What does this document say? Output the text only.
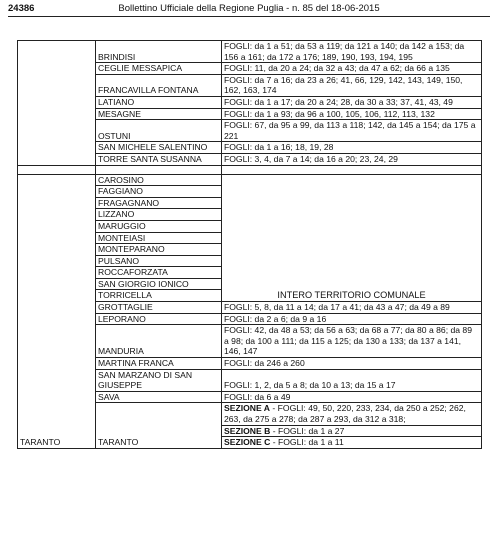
24386	Bollettino Ufficiale della Regione Puglia - n. 85 del 18-06-2015
	BRINDISI	FOGLI: da 1 a 51; da 53 a 119; da 121 a 140; da 142 a 153; da 156 a 161; da 172 a 176; 189, 190, 193, 194, 195
	CEGLIE MESSAPICA	FOGLI: 11, da 20 a 24; da 32 a 43; da 47 a 62; da 66 a 135
	FRANCAVILLA FONTANA	FOGLI: da 7 a 16; da 23 a 26; 41, 66, 129, 142, 143, 149, 150, 162, 163, 174
	LATIANO	FOGLI: da 1 a 17; da 20 a 24; 28, da 30 a 33; 37, 41, 43, 49
	MESAGNE	FOGLI: da 1 a 93; da 96 a 100, 105, 106, 112, 113, 132
	OSTUNI	FOGLI: 67, da 95 a 99, da 113 a 118; 142, da 145 a 154; da 175 a 221
	SAN MICHELE SALENTINO	FOGLI: da 1 a 16; 18, 19, 28
	TORRE SANTA SUSANNA	FOGLI: 3, 4, da 7 a 14; da 16 a 20; 23, 24, 29

TARANTO	CAROSINO	INTERO TERRITORIO COMUNALE
	FAGGIANO	
	FRAGAGNANO	
	LIZZANO	
	MARUGGIO	
	MONTEIASI	
	MONTEPARANO	
	PULSANO	
	ROCCAFORZATA	
	SAN GIORGIO IONICO	
	TORRICELLA	
	GROTTAGLIE	FOGLI: 5, 8, da 11 a 14; da 17 a 41; da 43 a 47; da 49 a 89
	LEPORANO	FOGLI: da 2 a 6; da 9 a 16
	MANDURIA	FOGLI: 42, da 48 a 53; da 56 a 63; da 68 a 77; da 80 a 86; da 89 a 98; da 100 a 111; da 115 a 125; da 130 a 133; da 137 a 141, 146, 147
	MARTINA FRANCA	FOGLI: da 246 a 260
	SAN MARZANO DI SAN GIUSEPPE	FOGLI: 1, 2, da 5 a 8; da 10 a 13; da 15 a 17
	SAVA	FOGLI: da 6 a 49
	TARANTO	SEZIONE A - FOGLI: 49, 50, 220, 233, 234, da 250 a 252; 262, 263, da 275 a 278; da 287 a 293, da 312 a 318;
		SEZIONE B - FOGLI: da 1 a 27
		SEZIONE C - FOGLI: da 1 a 11
